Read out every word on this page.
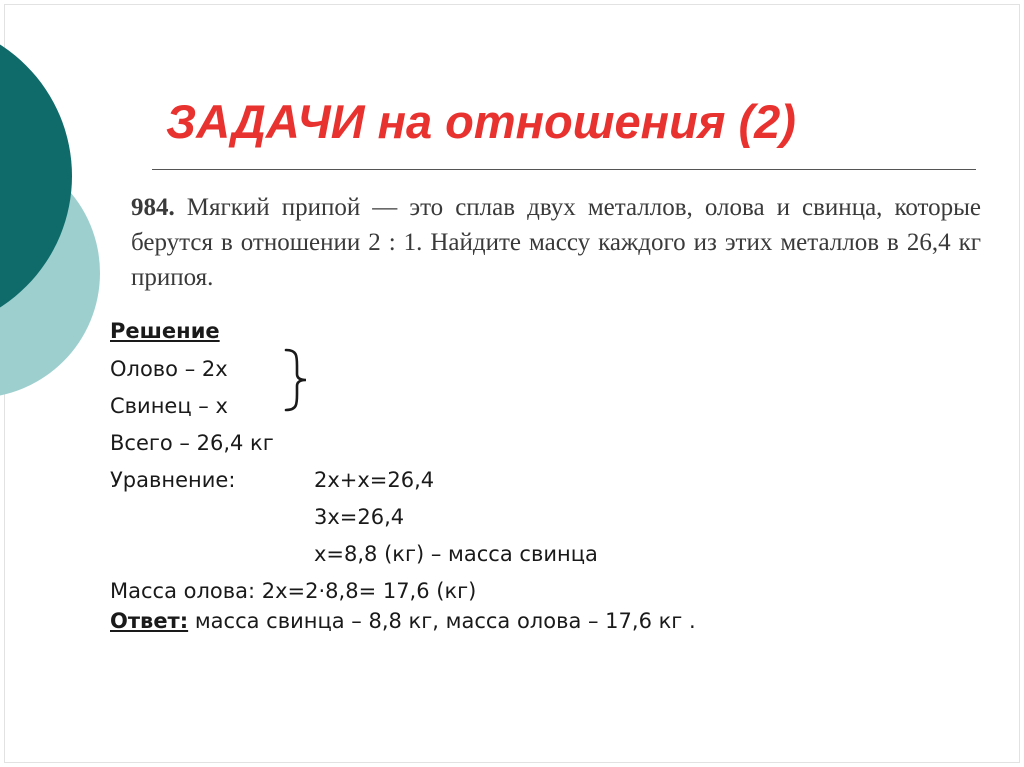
ЗАДАЧИ на отношения (2)
984. Мягкий припой — это сплав двух металлов, олова и свинца, которые берутся в отношении 2 : 1. Найдите массу каждого из этих металлов в 26,4 кг припоя.
Решение
Олово – 2х
Свинец – х
Всего – 26,4 кг
Уравнение:	2х+х=26,4
3х=26,4
х=8,8 (кг) – масса свинца
Масса олова: 2х=2·8,8= 17,6 (кг)
Ответ: масса свинца – 8,8 кг, масса олова – 17,6 кг .
